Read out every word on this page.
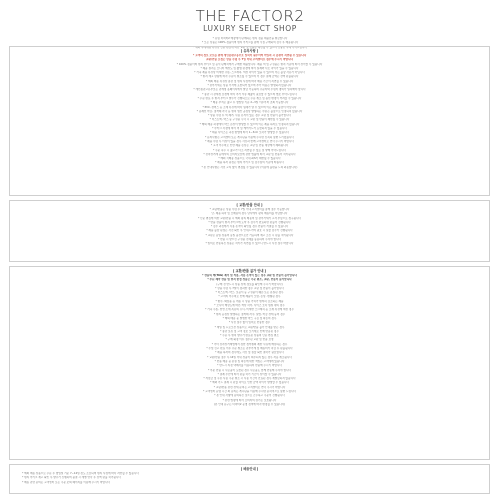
THE FACTOR2
LUXURY SELECT SHOP
* 유럽 더팩터2 매장에서 판매하는 현지 정품 제품만을 취급합니다
* 모든 상품은 100% 정품이며 현지 부티크를 통해 직접 구매하여 검수 후 배송됩니다
* 해외 구매대행 특성상 단순 변심에 의한 교환 및 반품은 제한될 수 있으니 신중한 구매 부탁드립니다
[ 유의사항 ]
* 고객의 정보 보호를 위해 개인통관고유부호 입력이 필수이며 미입력 시 통관이 지연될 수 있습니다
교환/반품 요청은 상품 수령 후 7일 이내 고객센터로 접수해 주시기 바랍니다
* 100% 정품이며 현지 부티크 및 공식 판매처에서 구매한 제품입니다. 제품 택 및 구성품은 현지 기준에 따라 상이할 수 있습니다
* 제품 컬러는 모니터 해상도 및 촬영 환경에 따라 실제와 다소 차이가 있을 수 있습니다
* 가죽 제품 특성상 미세한 주름, 스크래치, 색상 차이가 있을 수 있으며 이는 불량 사유가 아닙니다
* 현지 재고 상황에 따라 주문이 취소될 수 있으며 이 경우 결제 금액은 전액 환불됩니다
* 해외 배송 특성상 통관 및 현지 사정에 따라 배송 기간이 지연될 수 있습니다
* 관부가세는 상품 가격에 포함되어 있으며 추가 비용은 발생하지 않습니다
* 개인통관고유부호는 관세청 홈페이지에서 발급 가능하며 주문자와 수령자 명의가 일치해야 합니다
* 통관 시 관세청 요청에 따라 추가 서류 제출이 필요할 수 있으며 협조 부탁드립니다
* 주문 완료 후 현지 부티크 발주가 진행되므로 주문 취소 및 옵션 변경이 어려울 수 있습니다
* 배송 추적은 출고 후 영업일 기준 2~3일 이후부터 조회 가능합니다
* PVC, 캔버스 등 소재 특성에 따라 냄새가 날 수 있으며 이는 제품 불량이 아닙니다
* 봉제선 마감, 접착제 자국 등 현지 생산 공정상 발생하는 부분은 불량으로 인정되지 않습니다
* 상품 수령 후 택 제거, 사용 흔적이 있는 경우 교환 및 반품이 불가합니다
* 더스트백, 박스 등 구성품 누락 시 교환 및 반품이 제한될 수 있습니다
* 해외 배송 과정에서 박스 손상이 발생할 수 있으며 이는 제품 하자로 인정되지 않습니다
* 부티크 사정에 따라 택 및 케어카드가 포함되지 않을 수 있습니다
* 제품 사이즈는 측정 방법에 따라 1~3cm 오차가 발생할 수 있습니다
* 문의사항은 고객센터 또는 게시판을 이용해 주시면 신속히 답변 드리겠습니다
* 제품 수령 후 이상이 있을 경우 사진과 함께 고객센터로 연락 주시기 바랍니다
* 고객 부주의로 인한 제품 손상은 교환 및 반품 대상에서 제외됩니다
* 주문 폭주 시 출고가 다소 지연될 수 있는 점 양해 부탁드립니다
* 전자상거래 등에서의 소비자보호에 관한 법률에 따라 교환 및 반품이 처리됩니다
* 해외 직배송 상품으로 국내 A/S가 제한될 수 있습니다
* 제품 하자 판정은 현지 부티크 및 검수팀의 기준에 따릅니다
* 본 안내사항은 사전 고지 없이 변경될 수 있습니다 (이용에 불편을 드려 죄송합니다)
[ 교환/반품 안내 ]
* 교환/반품은 상품 수령 후 7일 이내 고객센터를 통해 접수 가능합니다
단, 제품 하자 및 오배송의 경우 당사에서 왕복 배송비를 부담합니다
* 단순 변심에 의한 교환/반품 시 해외 왕복 배송비 및 관부가세가 고객 부담으로 청구됩니다
* 반품 상품이 현지 부티크에 도착 후 검수가 완료되면 환불이 진행됩니다
* 검수 과정에서 사용 흔적이 확인될 경우 반품이 거절될 수 있습니다
* 제품 불량 판정은 사진 확인 후 안내드리며 필요 시 실물 검수가 진행됩니다
* 교환은 동일 상품의 동일 옵션으로만 가능하며 재고 소진 시 환불 처리됩니다
* 반품 시 받으신 구성품 전체를 동봉하여 주셔야 합니다
* 임의로 반송하신 상품은 처리가 지연될 수 있으니 반드시 사전 접수 바랍니다
[ 교환/반품 불가 안내 ]
* 상품의 택(TAG) 제거 및 착용, 사용 흔적이 있는 경우 교환 및 반품이 불가합니다
* 주문 제작 상품 및 현지 한정 상품은 주문 취소, 교환, 반품이 불가합니다
(구매 전 반드시 상품 상세 정보를 확인해 주시기 바랍니다)
* 상품 수령 후 7일이 경과한 경우 교환 및 반품이 불가합니다
* 더스트백, 박스, 보증서 등 구성품이 훼손 또는 분실된 경우
* 고객의 부주의로 인해 제품이 오염, 손상, 변형된 경우
* 향수, 화장품 등 개봉 시 상품 가치가 현저히 감소하는 제품
* 모니터 해상도에 따른 색상 차이, 사이즈 오차 범위 내의 경우
* 가죽 주름, 천연 소재 특유의 무늬, 미세한 스크래치 등 소재 특성에 따른 경우
* 현지 공정상 발생하는 접착제 자국, 실밥, 마감 상태 등의 경우
* 해외 배송 중 발생한 박스 구김 및 파손의 경우
* 사전 접수 없이 임의로 반송한 경우
* 세일 및 프로모션 상품으로 교환/반품 불가 안내를 받은 경우
* 통관 보류 및 고객 정보 오기재로 인해 반송된 경우
* 주문 후 현지 발주가 완료된 상품의 단순 변심 취소
* 구매 확정 이후 접수된 교환 및 반품 요청
* 기타 전자상거래법에서 정한 청약철회 제한 사유에 해당하는 경우
* 수입 신고 완료 이후 주문 취소는 관부가세 및 배송비가 차감 후 환불됩니다
* 제품 하자의 경우에도 사진 및 실물 확인 절차가 필요합니다
* 교환/반품 접수 후 14일 이내 상품이 회수되지 않는 경우 자동 취소됩니다
* 반품 배송 중 분실 및 파손에 대한 책임은 고객에게 있습니다
* 반드시 지정 택배사를 이용하여 반품해 주시기 바랍니다
* 부분 반품 시 사은품이 포함된 경우 사은품도 함께 반송해 주셔야 합니다
* 결제 수단에 따라 환불 처리 기간이 상이할 수 있습니다
* 적립금 및 쿠폰 사용 주문 취소 시 사용 기간이 만료된 경우 재발급되지 않습니다
* 해외 카드 결제 시 환율 차이로 인한 금액 차이가 발생할 수 있습니다
* 교환/반품 관련 상세 문의는 고객센터로 연락 주시기 바랍니다
* 고객센터 운영 시간 외 문의는 게시판을 이용해 주시면 순차적으로 답변 드립니다
* 본 안내 사항에 동의하신 것으로 간주하고 주문이 진행됩니다
* 관련 법령에 따라 소비자의 권리는 보호됩니다
(본 안내 문구는 더팩터2 운영 정책에 따라 변경될 수 있습니다)
[ 배송안내 ]
* 해외 배송 상품으로 주문 후 영업일 기준 7~14일 정도 소요되며 현지 사정에 따라 지연될 수 있습니다
* 현지 부티크 재고 확인 후 발주가 진행되며 품절 시 개별 연락 후 전액 환불 처리됩니다
* 배송 관련 문의는 고객센터 또는 주문 조회 페이지를 이용해 주시기 바랍니다
